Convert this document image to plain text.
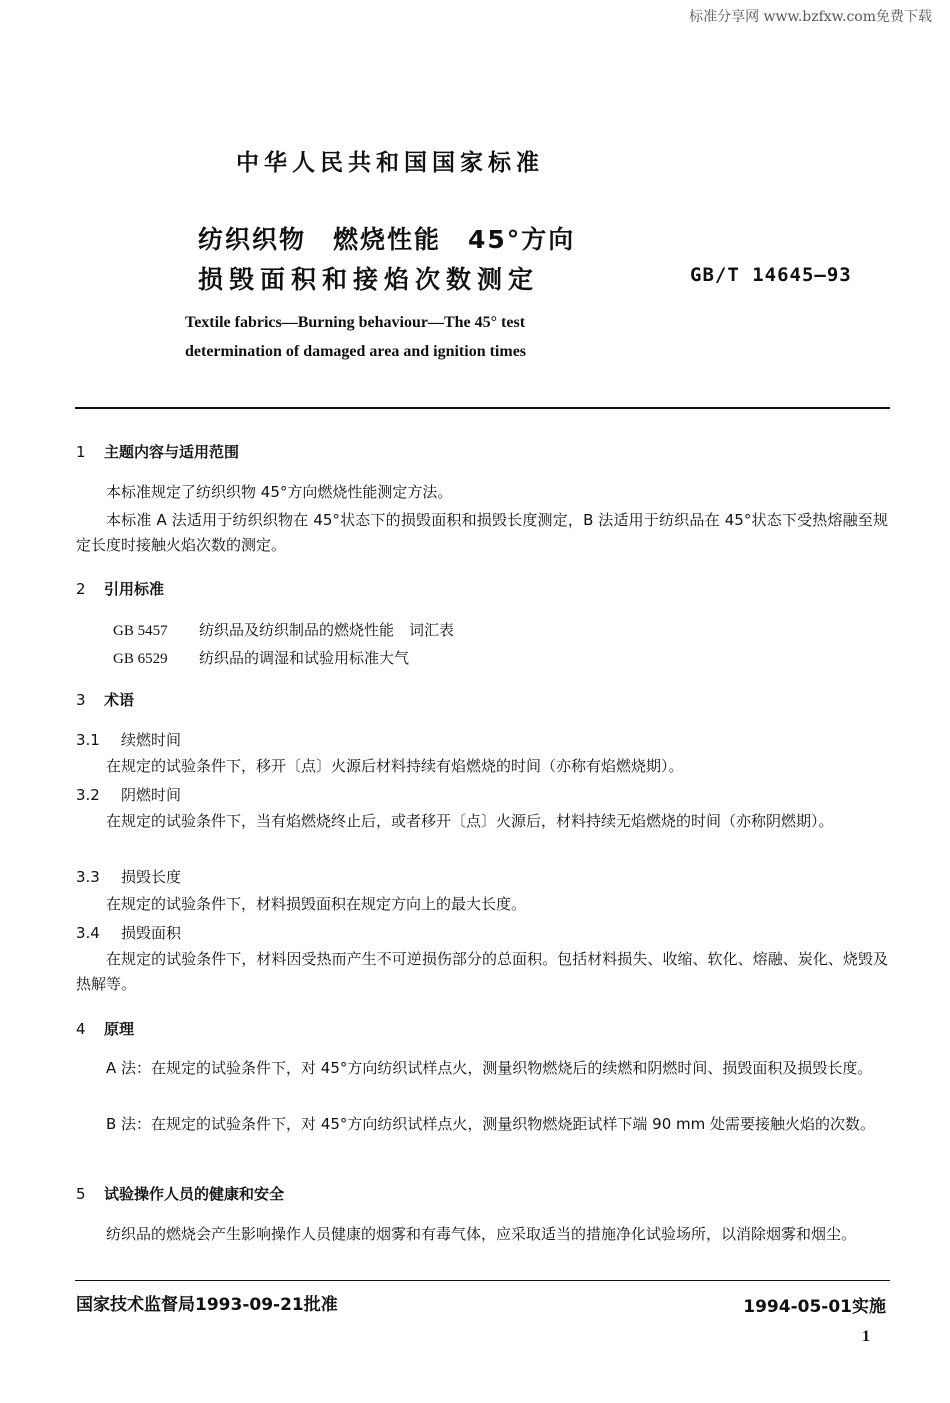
标准分享网 www.bzfxw.com免费下载
中华人民共和国国家标准
纺织织物　燃烧性能　45°方向
损毁面积和接焰次数测定	GB/T 14645—93
Textile fabrics—Burning behaviour—The 45° test
determination of damaged area and ignition times
1 主题内容与适用范围
本标准规定了纺织织物 45°方向燃烧性能测定方法。
本标准 A 法适用于纺织织物在 45°状态下的损毁面积和损毁长度测定，B 法适用于纺织品在 45°状态下受热熔融至规定长度时接触火焰次数的测定。
2 引用标准
GB 5457 纺织品及纺织制品的燃烧性能　词汇表
GB 6529 纺织品的调湿和试验用标准大气
3 术语
3.1 续燃时间
在规定的试验条件下，移开〔点〕火源后材料持续有焰燃烧的时间（亦称有焰燃烧期）。
3.2 阴燃时间
在规定的试验条件下，当有焰燃烧终止后，或者移开〔点〕火源后，材料持续无焰燃烧的时间（亦称阴燃期）。
3.3 损毁长度
在规定的试验条件下，材料损毁面积在规定方向上的最大长度。
3.4 损毁面积
在规定的试验条件下，材料因受热而产生不可逆损伤部分的总面积。包括材料损失、收缩、软化、熔融、炭化、烧毁及热解等。
4 原理
A 法：在规定的试验条件下，对 45°方向纺织试样点火，测量织物燃烧后的续燃和阴燃时间、损毁面积及损毁长度。
B 法：在规定的试验条件下，对 45°方向纺织试样点火，测量织物燃烧距试样下端 90 mm 处需要接触火焰的次数。
5 试验操作人员的健康和安全
纺织品的燃烧会产生影响操作人员健康的烟雾和有毒气体，应采取适当的措施净化试验场所，以消除烟雾和烟尘。
国家技术监督局1993-09-21批准	1994-05-01实施
1
